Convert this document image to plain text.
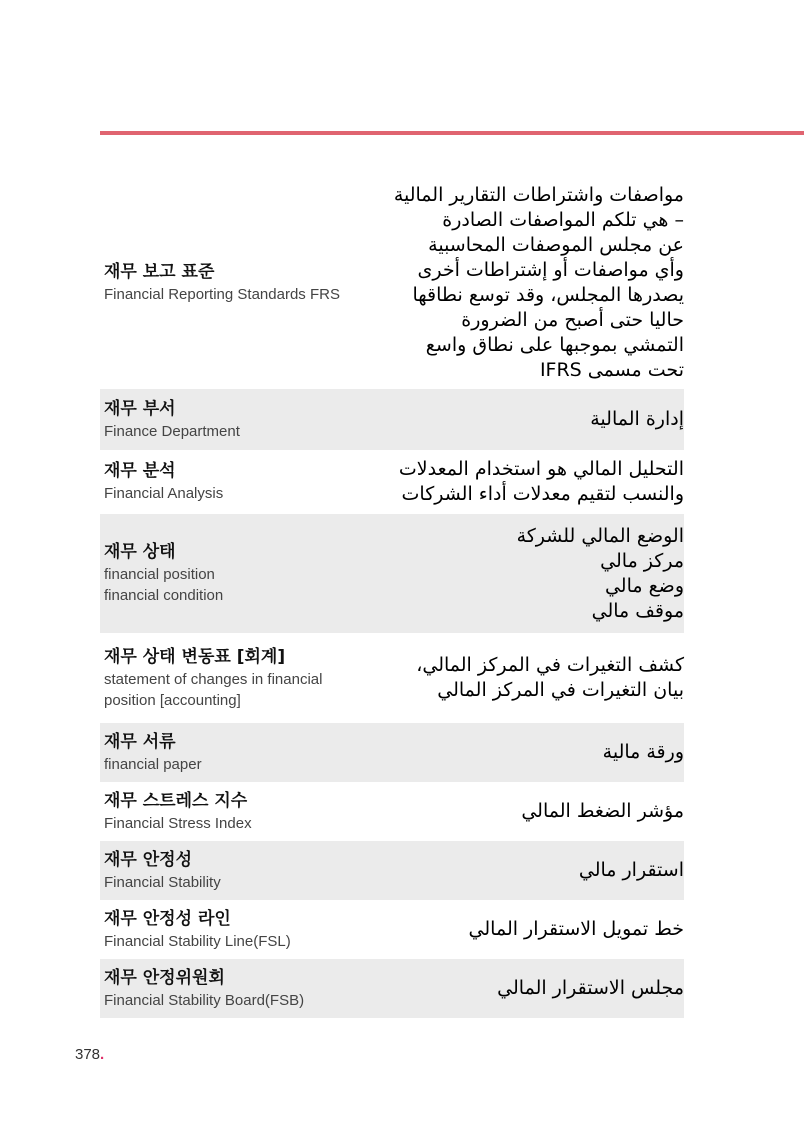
재무 보고 표준
Financial Reporting Standards FRS
مواصفات واشتراطات التقارير المالية
– هي تلكم المواصفات الصادرة
عن مجلس الموصفات المحاسبية
وأي مواصفات أو إشتراطات أخرى
يصدرها المجلس، وقد توسع نطاقها
حاليا حتى أصبح من الضرورة
التمشي بموجبها على نطاق واسع
تحت مسمى IFRS
재무 부서
Finance Department
إدارة المالية
재무 분석
Financial Analysis
التحليل المالي هو استخدام المعدلات
والنسب لتقيم معدلات أداء الشركات
재무 상태
financial position
financial condition
الوضع المالي للشركة
مركز مالي
وضع مالي
موقف مالي
재무 상태 변동표 [회계]
statement of changes in financial
position [accounting]
كشف التغيرات في المركز المالي،
بيان التغيرات في المركز المالي
재무 서류
financial paper
ورقة مالية
재무 스트레스 지수
Financial Stress Index
مؤشر الضغط المالي
재무 안정성
Financial Stability
استقرار مالي
재무 안정성 라인
Financial Stability Line(FSL)
خط تمويل الاستقرار المالي
재무 안정위원회
Financial Stability Board(FSB)
مجلس الاستقرار المالي
378.
